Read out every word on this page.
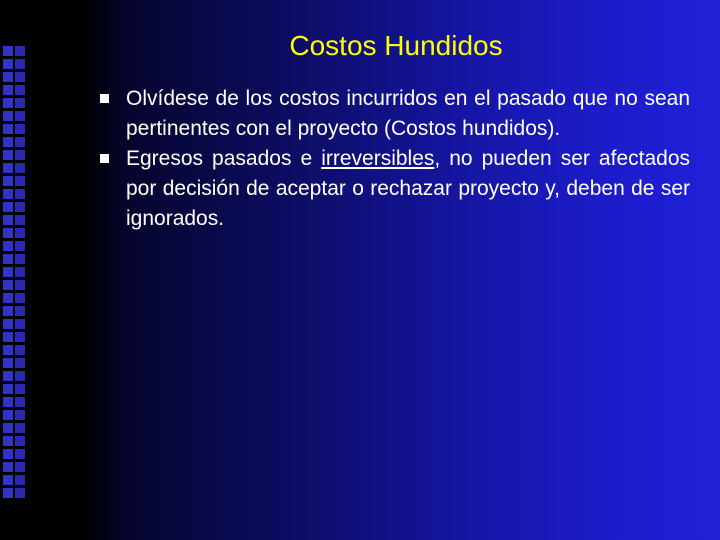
Costos Hundidos
Olvídese de los costos incurridos en el pasado que no sean pertinentes con el proyecto (Costos hundidos).
Egresos pasados e irreversibles, no pueden ser afectados por decisión de aceptar o rechazar proyecto y, deben de ser ignorados.
